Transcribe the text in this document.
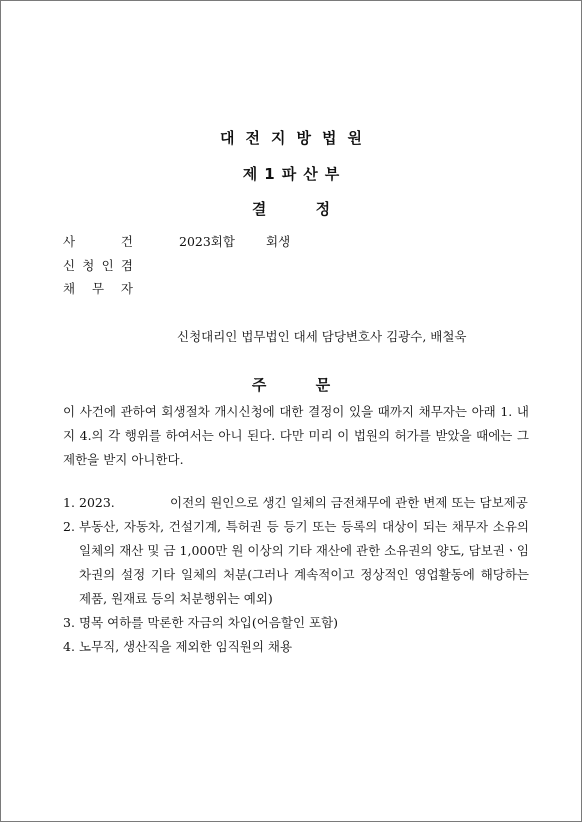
대전지방법원
제1파산부
결 정
사	건	2023회합 회생
신 청 인 겸
채 무 자
신청대리인 법무법인 대세 담당변호사 김광수, 배철욱
주 문

이 사건에 관하여 회생절차 개시신청에 대한 결정이 있을 때까지 채무자는 아래 1. 내지 4.의 각 행위를 하여서는 아니 된다. 다만 미리 이 법원의 허가를 받았을 때에는 그 제한을 받지 아니한다.

1. 2023.	이전의 원인으로 생긴 일체의 금전채무에 관한 변제 또는 담보제공
2. 부동산, 자동차, 건설기계, 특허권 등 등기 또는 등록의 대상이 되는 채무자 소유의 일체의 재산 및 금 1,000만 원 이상의 기타 재산에 관한 소유권의 양도, 담보권ㆍ임차권의 설정 기타 일체의 처분(그러나 계속적이고 정상적인 영업활동에 해당하는 제품, 원재료 등의 처분행위는 예외)
3. 명목 여하를 막론한 자금의 차입(어음할인 포함)
4. 노무직, 생산직을 제외한 임직원의 채용
